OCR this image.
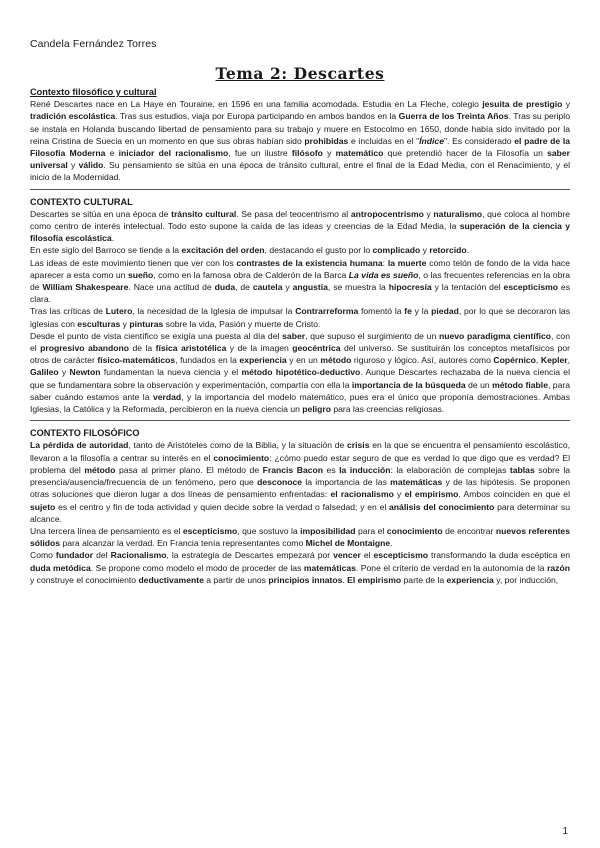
Candela Fernández Torres
Tema 2: Descartes
Contexto filosófico y cultural

René Descartes nace en La Haye en Touraine, en 1596 en una familia acomodada. Estudia en La Fleche, colegio jesuita de prestigio y tradición escolástica. Tras sus estudios, viaja por Europa participando en ambos bandos en la Guerra de los Treinta Años. Tras su periplo se instala en Holanda buscando libertad de pensamiento para su trabajo y muere en Estocolmo en 1650, donde había sido invitado por la reina Cristina de Suecia en un momento en que sus obras habían sido prohibidas e incluidas en el "Índice". Es considerado el padre de la Filosofía Moderna e iniciador del racionalismo, fue un ilustre filósofo y matemático que pretendió hacer de la Filosofía un saber universal y válido. Su pensamiento se sitúa en una época de tránsito cultural, entre el final de la Edad Media, con el Renacimiento, y el inicio de la Modernidad.

CONTEXTO CULTURAL

Descartes se sitúa en una época de tránsito cultural. Se pasa del teocentrismo al antropocentrismo y naturalismo, que coloca al hombre como centro de interés intelectual. Todo esto supone la caída de las ideas y creencias de la Edad Media, la superación de la ciencia y filosofía escolástica.

En este siglo del Barroco se tiende a la excitación del orden, destacando el gusto por lo complicado y retorcido.

Las ideas de este movimiento tienen que ver con los contrastes de la existencia humana: la muerte como telón de fondo de la vida hace aparecer a esta como un sueño, como en la famosa obra de Calderón de la Barca La vida es sueño, o las frecuentes referencias en la obra de William Shakespeare. Nace una actitud de duda, de cautela y angustia, se muestra la hipocresía y la tentación del escepticismo es clara.

Tras las críticas de Lutero, la necesidad de la Iglesia de impulsar la Contrarreforma fomentó la fe y la piedad, por lo que se decoraron las iglesias con esculturas y pinturas sobre la vida, Pasión y muerte de Cristo.

Desde el punto de vista científico se exigía una puesta al día del saber, que supuso el surgimiento de un nuevo paradigma científico, con el progresivo abandono de la física aristotélica y de la imagen geocéntrica del universo. Se sustituirán los conceptos metafísicos por otros de carácter físico-matemáticos, fundados en la experiencia y en un método riguroso y lógico. Así, autores como Copérnico, Kepler, Galileo y Newton fundamentan la nueva ciencia y el método hipotético-deductivo. Aunque Descartes rechazaba de la nueva ciencia el que se fundamentara sobre la observación y experimentación, compartía con ella la importancia de la búsqueda de un método fiable, para saber cuándo estamos ante la verdad, y la importancia del modelo matemático, pues era el único que proponía demostraciones. Ambas Iglesias, la Católica y la Reformada, percibieron en la nueva ciencia un peligro para las creencias religiosas.

CONTEXTO FILOSÓFICO

La pérdida de autoridad, tanto de Aristóteles como de la Biblia, y la situación de crisis en la que se encuentra el pensamiento escolástico, llevaron a la filosofía a centrar su interés en el conocimiento: ¿cómo puedo estar seguro de que es verdad lo que digo que es verdad? El problema del método pasa al primer plano. El método de Francis Bacon es la inducción: la elaboración de complejas tablas sobre la presencia/ausencia/frecuencia de un fenómeno, pero que desconoce la importancia de las matemáticas y de las hipótesis. Se proponen otras soluciones que dieron lugar a dos líneas de pensamiento enfrentadas: el racionalismo y el empirismo. Ambos coinciden en que el sujeto es el centro y fin de toda actividad y quien decide sobre la verdad o falsedad; y en el análisis del conocimiento para determinar su alcance.

Una tercera línea de pensamiento es el escepticismo, que sostuvo la imposibilidad para el conocimiento de encontrar nuevos referentes sólidos para alcanzar la verdad. En Francia tenía representantes como Michel de Montaigne.

Como fundador del Racionalismo, la estrategia de Descartes empezará por vencer el escepticismo transformando la duda escéptica en duda metódica. Se propone como modelo el modo de proceder de las matemáticas. Pone el criterio de verdad en la autonomía de la razón y construye el conocimiento deductivamente a partir de unos principios innatos. El empirismo parte de la experiencia y, por inducción,

1
